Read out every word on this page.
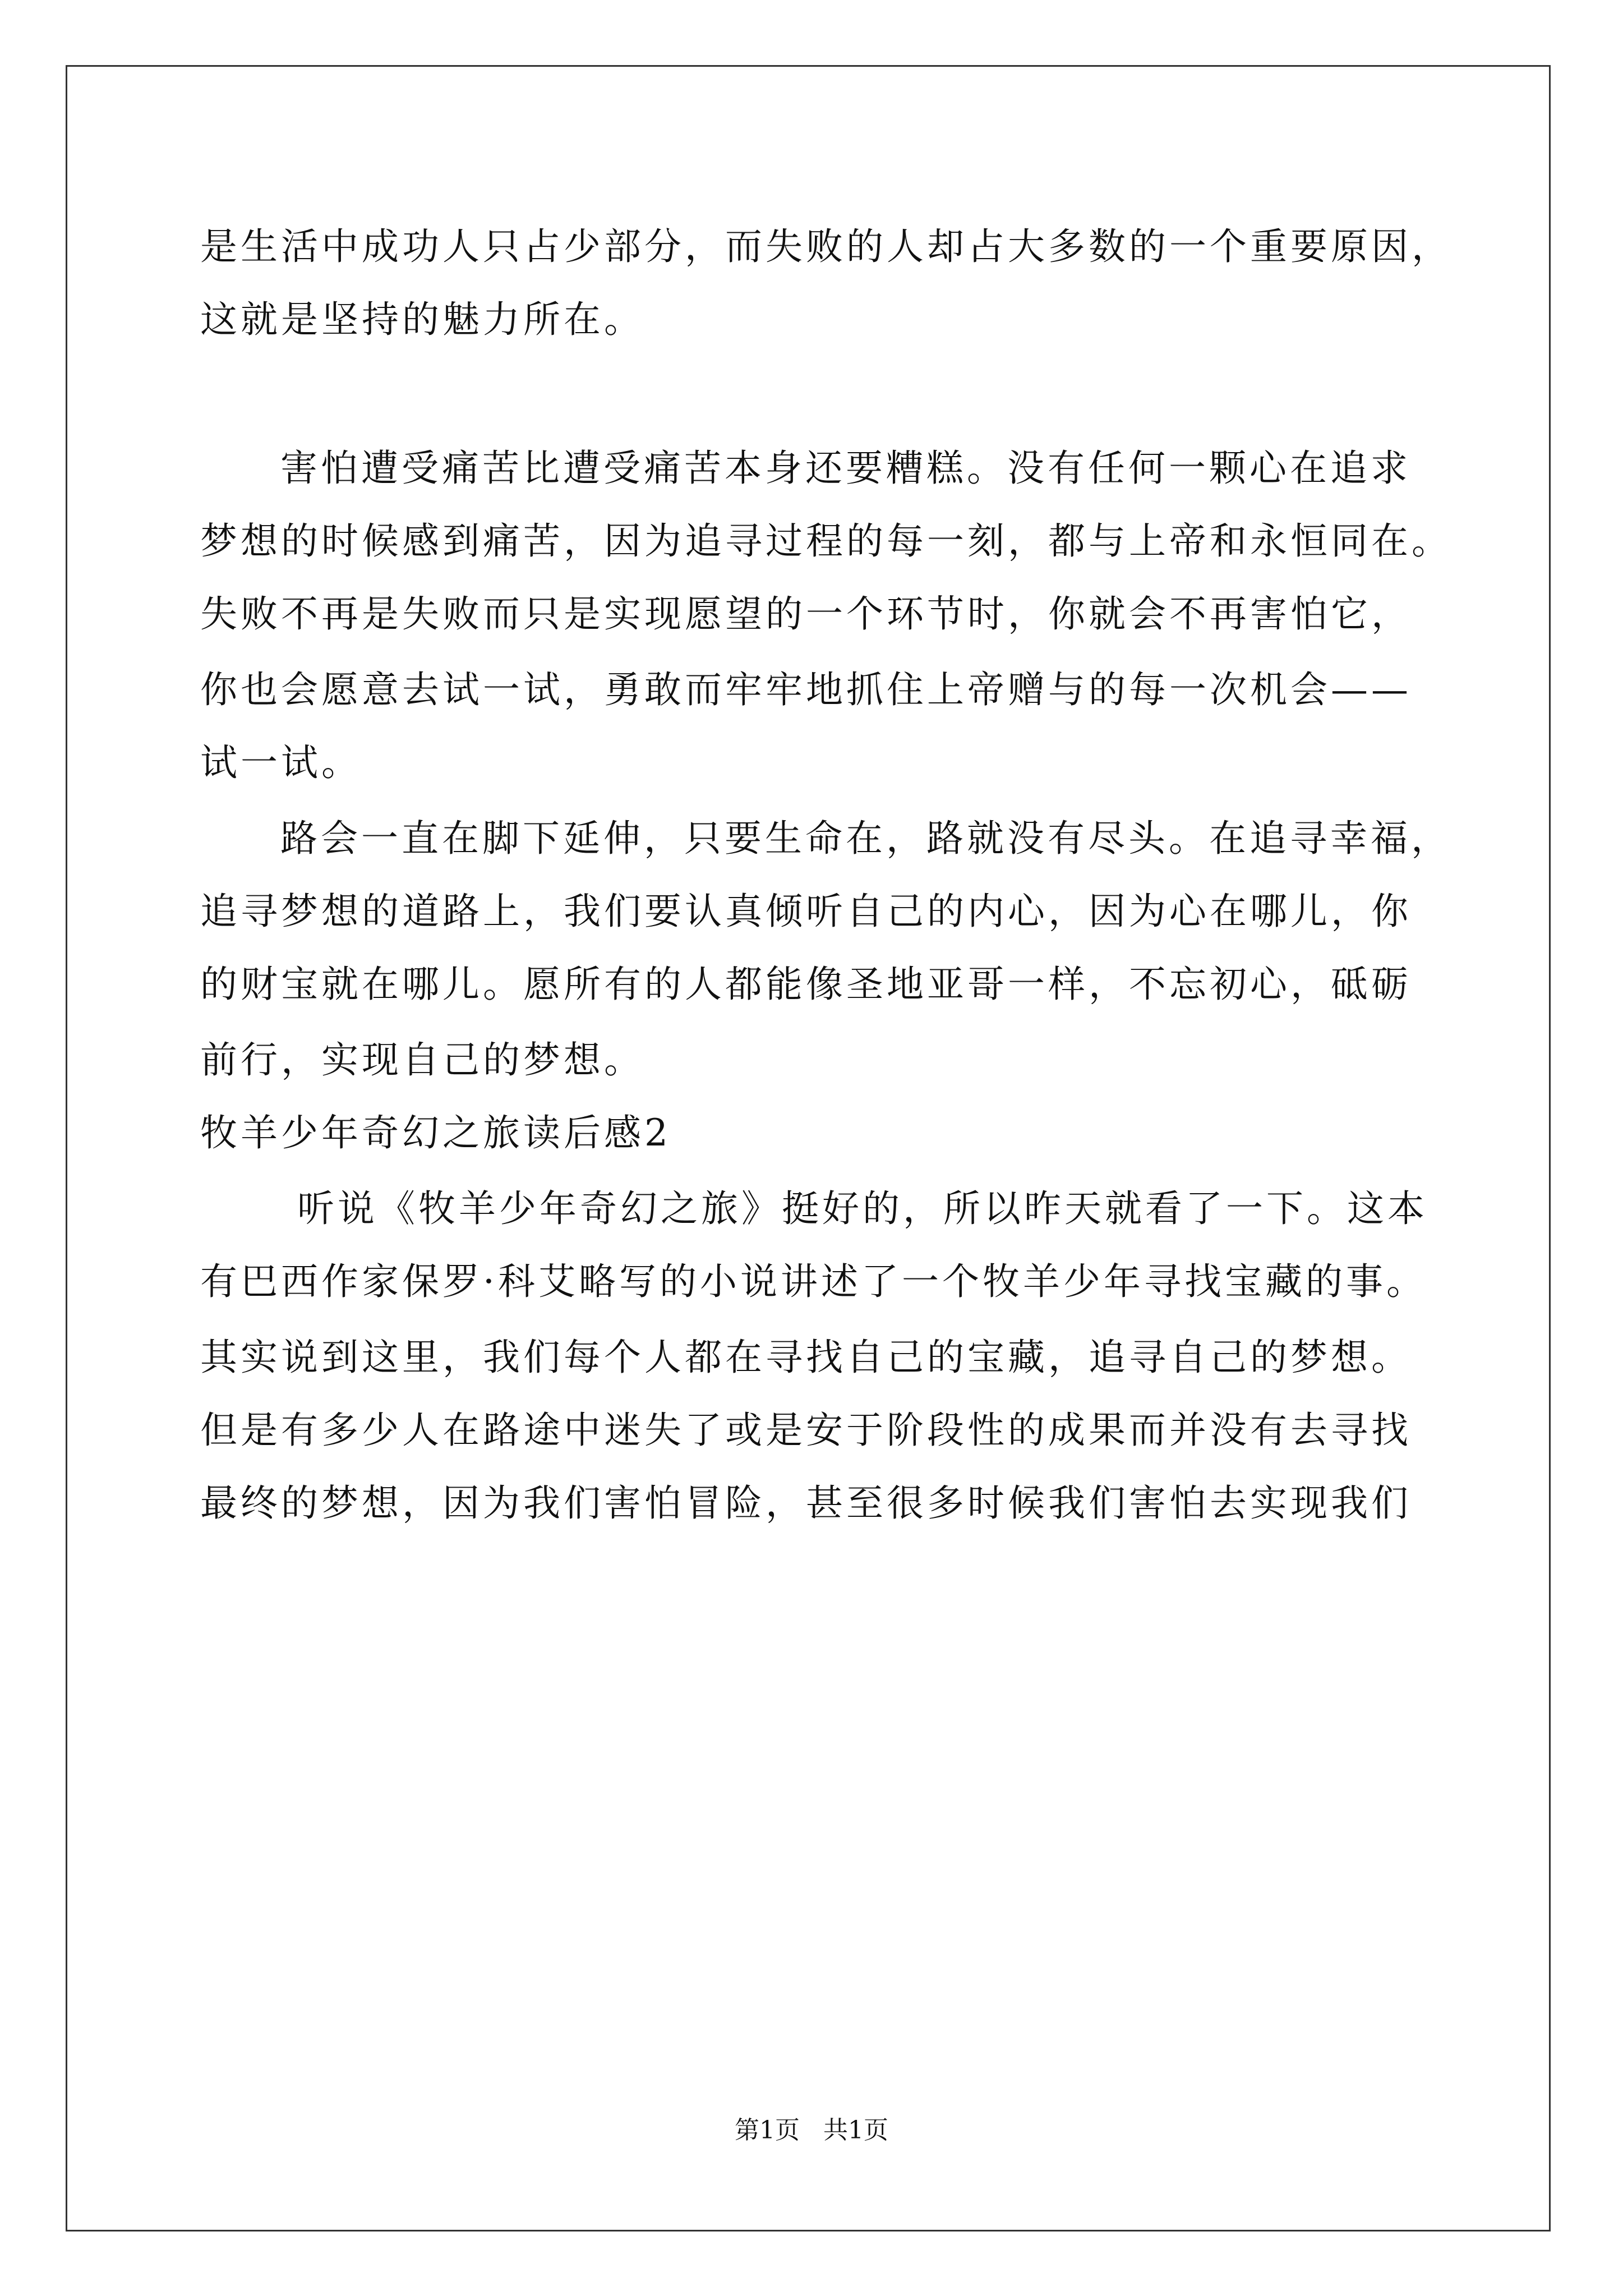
是生活中成功人只占少部分，而失败的人却占大多数的一个重要原因，
这就是坚持的魅力所在。
害怕遭受痛苦比遭受痛苦本身还要糟糕。没有任何一颗心在追求
梦想的时候感到痛苦，因为追寻过程的每一刻，都与上帝和永恒同在。
失败不再是失败而只是实现愿望的一个环节时，你就会不再害怕它，
你也会愿意去试一试，勇敢而牢牢地抓住上帝赠与的每一次机会——
试一试。
路会一直在脚下延伸，只要生命在，路就没有尽头。在追寻幸福，
追寻梦想的道路上，我们要认真倾听自己的内心，因为心在哪儿，你
的财宝就在哪儿。愿所有的人都能像圣地亚哥一样，不忘初心，砥砺
前行，实现自己的梦想。
牧羊少年奇幻之旅读后感2
听说《牧羊少年奇幻之旅》挺好的，所以昨天就看了一下。这本
有巴西作家保罗·科艾略写的小说讲述了一个牧羊少年寻找宝藏的事。
其实说到这里，我们每个人都在寻找自己的宝藏，追寻自己的梦想。
但是有多少人在路途中迷失了或是安于阶段性的成果而并没有去寻找
最终的梦想，因为我们害怕冒险，甚至很多时候我们害怕去实现我们
第1页   共1页
